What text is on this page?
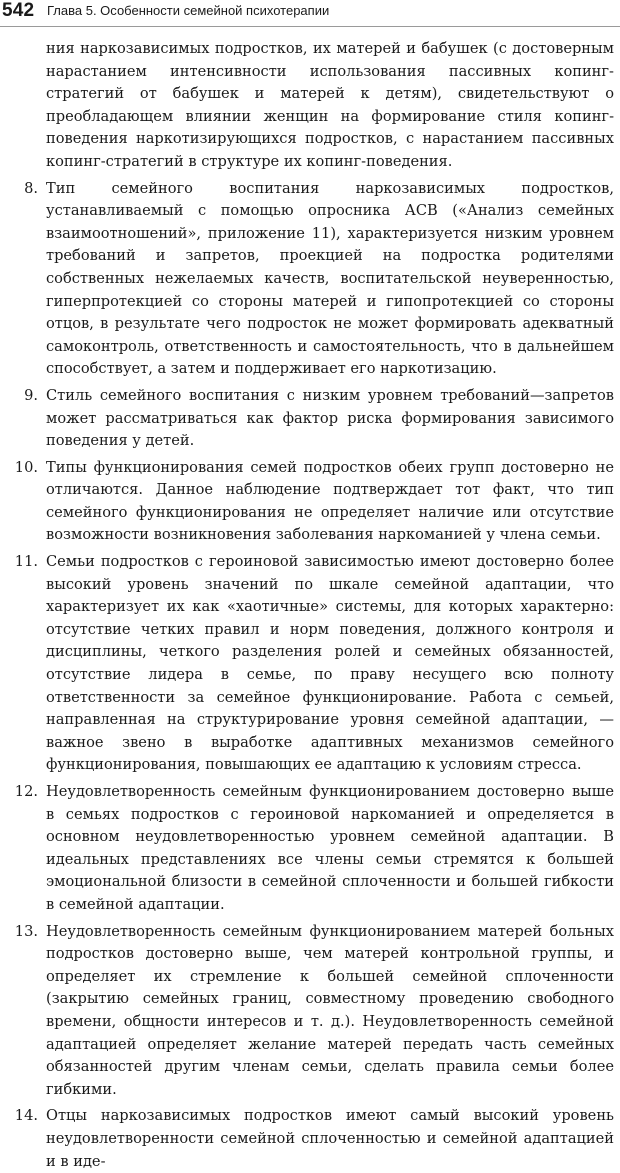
542 Глава 5. Особенности семейной психотерапии

ния наркозависимых подростков, их матерей и бабушек (с достоверным нарастанием интенсивности использования пассивных копинг-стратегий от бабушек и матерей к детям), свидетельствуют о преобладающем влиянии женщин на формирование стиля копинг-поведения наркотизирующихся подростков, с нарастанием пассивных копинг-стратегий в структуре их копинг-поведения.

8. Тип семейного воспитания наркозависимых подростков, устанавливаемый с помощью опросника АСВ («Анализ семейных взаимоотношений», приложение 11), характеризуется низким уровнем требований и запретов, проекцией на подростка родителями собственных нежелаемых качеств, воспитательской неуверенностью, гиперпротекцией со стороны матерей и гипопротекцией со стороны отцов, в результате чего подросток не может формировать адекватный самоконтроль, ответственность и самостоятельность, что в дальнейшем способствует, а затем и поддерживает его наркотизацию.
9. Стиль семейного воспитания с низким уровнем требований—запретов может рассматриваться как фактор риска формирования зависимого поведения у детей.
10. Типы функционирования семей подростков обеих групп достоверно не отличаются. Данное наблюдение подтверждает тот факт, что тип семейного функционирования не определяет наличие или отсутствие возможности возникновения заболевания наркоманией у члена семьи.
11. Семьи подростков с героиновой зависимостью имеют достоверно более высокий уровень значений по шкале семейной адаптации, что характеризует их как «хаотичные» системы, для которых характерно: отсутствие четких правил и норм поведения, должного контроля и дисциплины, четкого разделения ролей и семейных обязанностей, отсутствие лидера в семье, по праву несущего всю полноту ответственности за семейное функционирование. Работа с семьей, направленная на структурирование уровня семейной адаптации, — важное звено в выработке адаптивных механизмов семейного функционирования, повышающих ее адаптацию к условиям стресса.
12. Неудовлетворенность семейным функционированием достоверно выше в семьях подростков с героиновой наркоманией и определяется в основном неудовлетворенностью уровнем семейной адаптации. В идеальных представлениях все члены семьи стремятся к большей эмоциональной близости в семейной сплоченности и большей гибкости в семейной адаптации.
13. Неудовлетворенность семейным функционированием матерей больных подростков достоверно выше, чем матерей контрольной группы, и определяет их стремление к большей семейной сплоченности (закрытию семейных границ, совместному проведению свободного времени, общности интересов и т. д.). Неудовлетворенность семейной адаптацией определяет желание матерей передать часть семейных обязанностей другим членам семьи, сделать правила семьи более гибкими.
14. Отцы наркозависимых подростков имеют самый высокий уровень неудовлетворенности семейной сплоченностью и семейной адаптацией и в иде-
